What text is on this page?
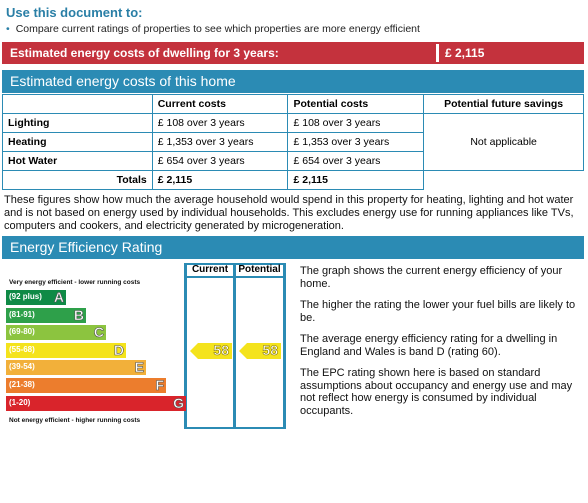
Use this document to:
• Compare current ratings of properties to see which properties are more energy efficient
Estimated energy costs of dwelling for 3 years:	£ 2,115
Estimated energy costs of this home
	Current costs	Potential costs	Potential future savings
Lighting	£ 108 over 3 years	£ 108 over 3 years	Not applicable
Heating	£ 1,353 over 3 years	£ 1,353 over 3 years	
Hot Water	£ 654 over 3 years	£ 654 over 3 years	
Totals	£ 2,115	£ 2,115	
These figures show how much the average household would spend in this property for heating, lighting and hot water and is not based on energy used by individual households. This excludes energy use for running appliances like TVs, computers and cookers, and electricity generated by microgeneration.
Energy Efficiency Rating
Current	Potential
Very energy efficient - lower running costs
(92 plus) A
(81-91)	B
(69-80)	C
(55-68)	D
(39-54)	E
(21-38)	F
(1-20)	G
Not energy efficient - higher running costs
58 58

The graph shows the current energy efficiency of your home.

The higher the rating the lower your fuel bills are likely to be.

The average energy efficiency rating for a dwelling in England and Wales is band D (rating 60).

The EPC rating shown here is based on standard assumptions about occupancy and energy use and may not reflect how energy is consumed by individual occupants.
